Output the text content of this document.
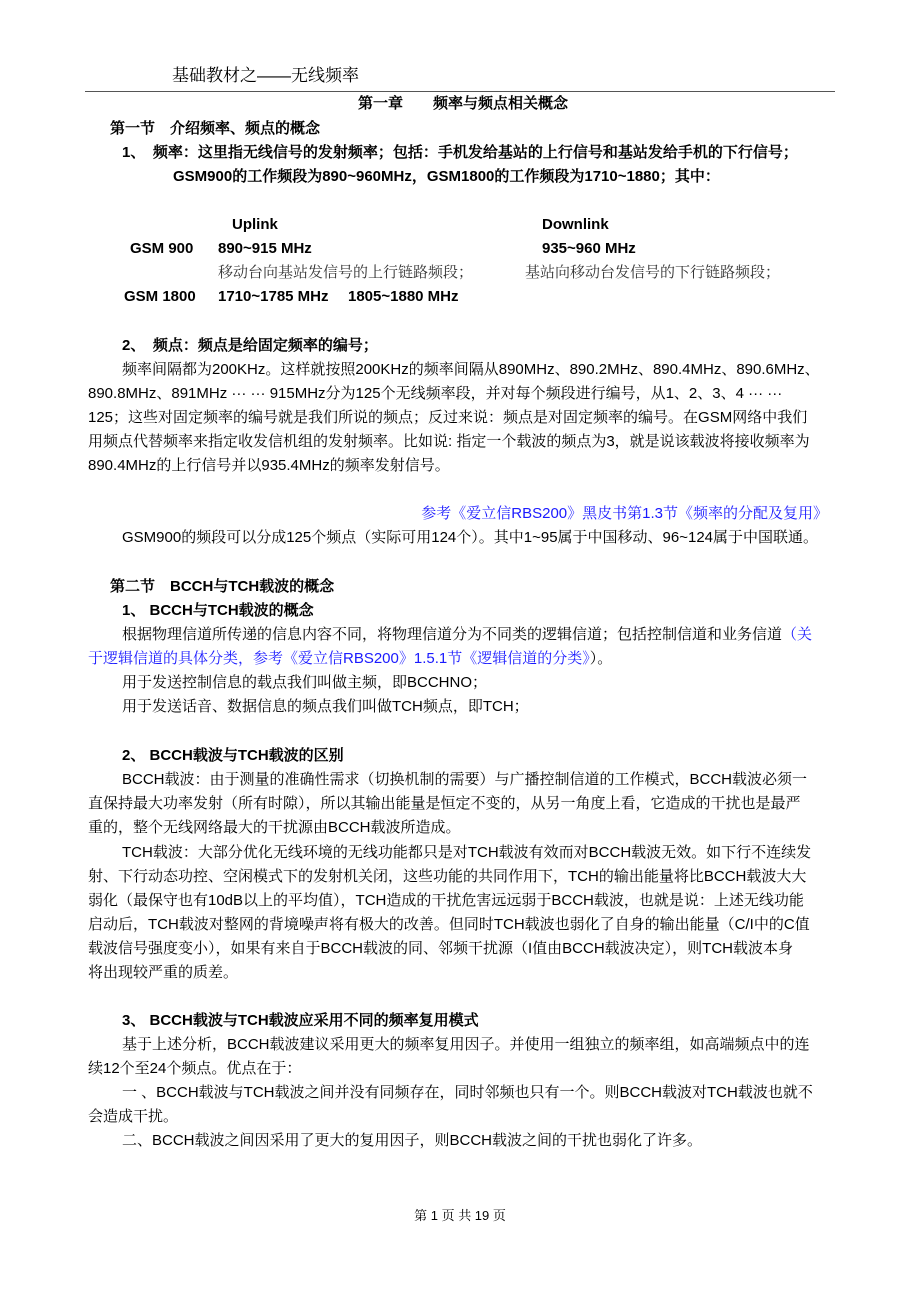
基础教材之——无线频率
第一章　　频率与频点相关概念
第一节　介绍频率、频点的概念
1、　频率：这里指无线信号的发射频率；包括：手机发给基站的上行信号和基站发给手机的下行信号；
GSM900的工作频段为890~960MHz，GSM1800的工作频段为1710~1880；其中：
Uplink	Downlink
GSM 900 890~915 MHz	935~960 MHz
移动台向基站发信号的上行链路频段；	基站向移动台发信号的下行链路频段；
GSM 1800 1710~1785 MHz 1805~1880 MHz
2、　频点：频点是给固定频率的编号；
频率间隔都为200KHz。这样就按照200KHz的频率间隔从890MHz、890.2MHz、890.4MHz、890.6MHz、
890.8MHz、891MHz ··· ··· 915MHz分为125个无线频率段，并对每个频段进行编号，从1、2、3、4 ··· ···
125；这些对固定频率的编号就是我们所说的频点；反过来说：频点是对固定频率的编号。在GSM网络中我们
用频点代替频率来指定收发信机组的发射频率。比如说: 指定一个载波的频点为3，就是说该载波将接收频率为
890.4MHz的上行信号并以935.4MHz的频率发射信号。
参考《爱立信RBS200》黑皮书第1.3节《频率的分配及复用》
GSM900的频段可以分成125个频点（实际可用124个）。其中1~95属于中国移动、96~124属于中国联通。
第二节　BCCH与TCH载波的概念
1、 BCCH与TCH载波的概念
根据物理信道所传递的信息内容不同，将物理信道分为不同类的逻辑信道；包括控制信道和业务信道（关
于逻辑信道的具体分类，参考《爱立信RBS200》1.5.1节《逻辑信道的分类》）。
用于发送控制信息的载点我们叫做主频，即BCCHNO；
用于发送话音、数据信息的频点我们叫做TCH频点，即TCH；
2、 BCCH载波与TCH载波的区别
BCCH载波：由于测量的准确性需求（切换机制的需要）与广播控制信道的工作模式，BCCH载波必须一
直保持最大功率发射（所有时隙），所以其输出能量是恒定不变的，从另一角度上看，它造成的干扰也是最严
重的，整个无线网络最大的干扰源由BCCH载波所造成。
TCH载波：大部分优化无线环境的无线功能都只是对TCH载波有效而对BCCH载波无效。如下行不连续发
射、下行动态功控、空闲模式下的发射机关闭，这些功能的共同作用下，TCH的输出能量将比BCCH载波大大
弱化（最保守也有10dB以上的平均值），TCH造成的干扰危害远远弱于BCCH载波，也就是说：上述无线功能
启动后，TCH载波对整网的背境噪声将有极大的改善。但同时TCH载波也弱化了自身的输出能量（C/I中的C值
载波信号强度变小），如果有来自于BCCH载波的同、邻频干扰源（I值由BCCH载波决定），则TCH载波本身
将出现较严重的质差。
3、 BCCH载波与TCH载波应采用不同的频率复用模式
基于上述分析，BCCH载波建议采用更大的频率复用因子。并使用一组独立的频率组，如高端频点中的连
续12个至24个频点。优点在于：
一 、BCCH载波与TCH载波之间并没有同频存在，同时邻频也只有一个。则BCCH载波对TCH载波也就不
会造成干扰。
二、BCCH载波之间因采用了更大的复用因子，则BCCH载波之间的干扰也弱化了许多。
第 1 页 共 19 页
